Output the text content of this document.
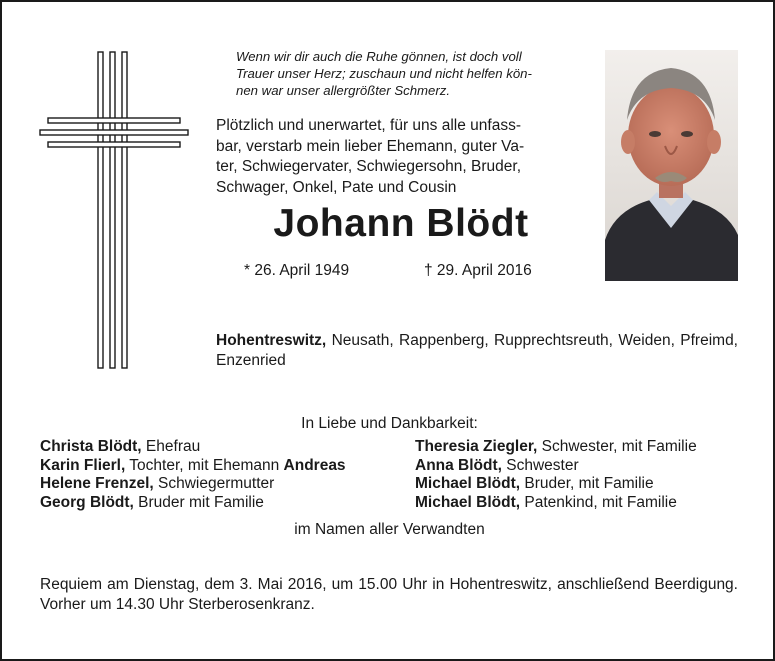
Wenn wir dir auch die Ruhe gönnen, ist doch voll
Trauer unser Herz; zuschaun und nicht helfen kön-
nen war unser allergrößter Schmerz.

Plötzlich und unerwartet, für uns alle unfass-
bar, verstarb mein lieber Ehemann, guter Va-
ter, Schwiegervater, Schwiegersohn, Bruder,
Schwager, Onkel, Pate und Cousin

Johann Blödt
* 26. April 1949	† 29. April 2016

Hohentreswitz, Neusath, Rappenberg, Rupprechtsreuth, Weiden, Pfreimd, Enzenried

In Liebe und Dankbarkeit:
Christa Blödt, Ehefrau
Karin Flierl, Tochter, mit Ehemann Andreas
Helene Frenzel, Schwiegermutter
Georg Blödt, Bruder mit Familie
Theresia Ziegler, Schwester, mit Familie
Anna Blödt, Schwester
Michael Blödt, Bruder, mit Familie
Michael Blödt, Patenkind, mit Familie
im Namen aller Verwandten

Requiem am Dienstag, dem 3. Mai 2016, um 15.00 Uhr in Hohentreswitz, anschließend Beerdigung. Vorher um 14.30 Uhr Sterberosenkranz.
